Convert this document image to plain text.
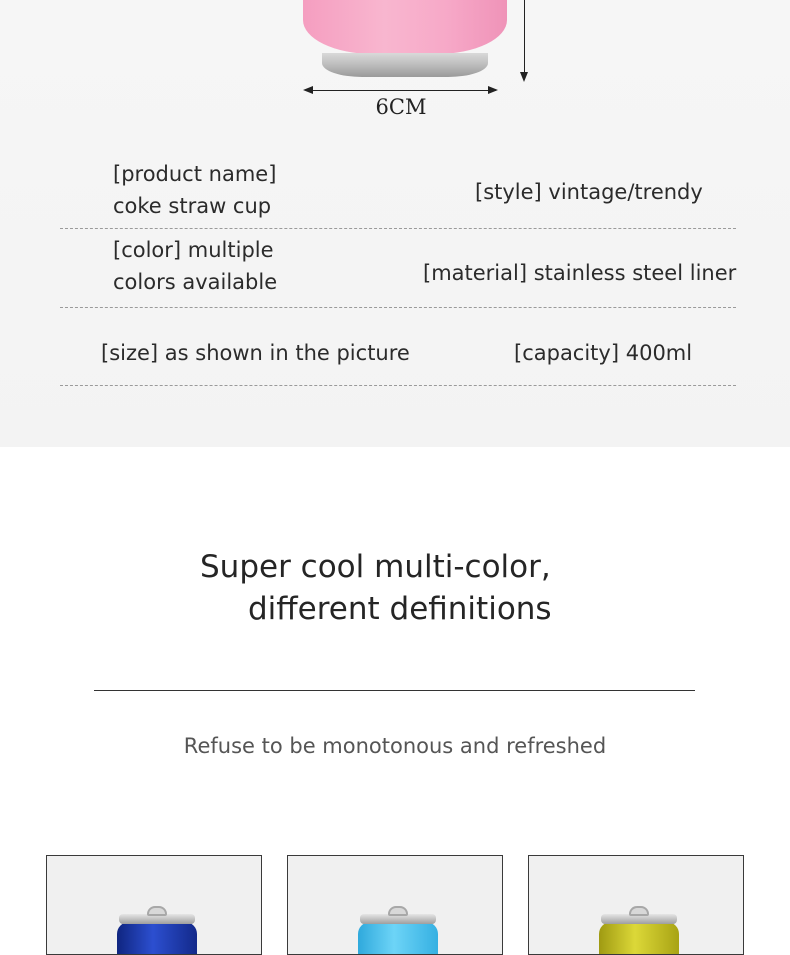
6CM
[product name]
coke straw cup
[style] vintage/trendy
[color] multiple
colors available	[material] stainless steel liner
[size] as shown in the picture	[capacity] 400ml
Super cool multi-color,
different definitions
Refuse to be monotonous and refreshed
